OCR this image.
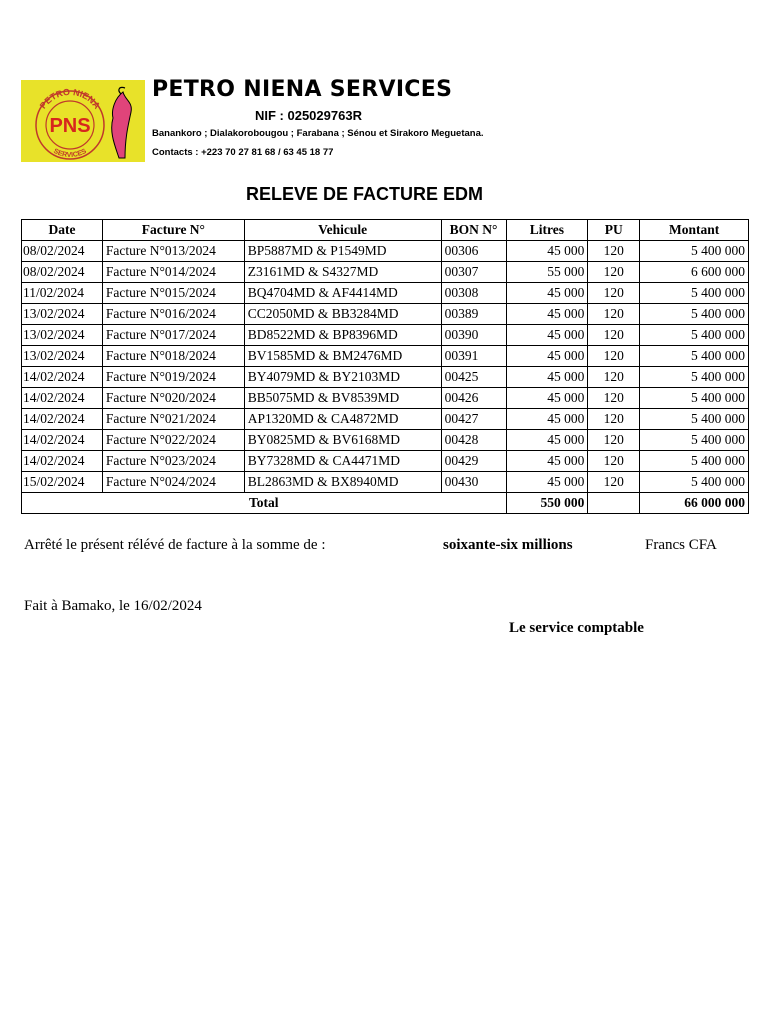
PETRO NIENA
SERVICES
PNS
PETRO NIENA SERVICES
NIF : 025029763R
Banankoro ; Dialakorobougou ; Farabana ; Sénou et Sirakoro Meguetana.
Contacts : +223 70 27 81 68 / 63 45 18 77
RELEVE DE FACTURE EDM
Date	Facture N°	Vehicule	BON N°	Litres	PU	Montant
08/02/2024	Facture N°013/2024	BP5887MD & P1549MD	00306	45 000	120	5 400 000
08/02/2024	Facture N°014/2024	Z3161MD & S4327MD	00307	55 000	120	6 600 000
11/02/2024	Facture N°015/2024	BQ4704MD & AF4414MD	00308	45 000	120	5 400 000
13/02/2024	Facture N°016/2024	CC2050MD & BB3284MD	00389	45 000	120	5 400 000
13/02/2024	Facture N°017/2024	BD8522MD & BP8396MD	00390	45 000	120	5 400 000
13/02/2024	Facture N°018/2024	BV1585MD & BM2476MD	00391	45 000	120	5 400 000
14/02/2024	Facture N°019/2024	BY4079MD & BY2103MD	00425	45 000	120	5 400 000
14/02/2024	Facture N°020/2024	BB5075MD & BV8539MD	00426	45 000	120	5 400 000
14/02/2024	Facture N°021/2024	AP1320MD & CA4872MD	00427	45 000	120	5 400 000
14/02/2024	Facture N°022/2024	BY0825MD & BV6168MD	00428	45 000	120	5 400 000
14/02/2024	Facture N°023/2024	BY7328MD & CA4471MD	00429	45 000	120	5 400 000
15/02/2024	Facture N°024/2024	BL2863MD & BX8940MD	00430	45 000	120	5 400 000
Total				550 000		66 000 000
Arrêté le présent rélévé de facture à la somme de :	soixante-six millions	Francs CFA
Fait à Bamako, le 16/02/2024
Le service comptable
